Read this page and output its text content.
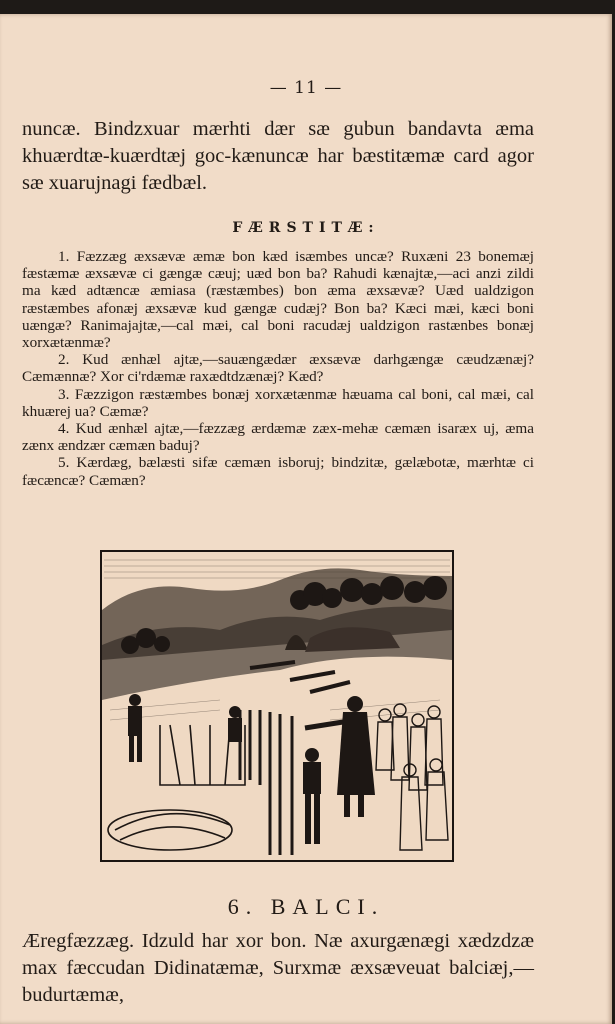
— 11 —
nuncæ. Bindzxuar mærhti dær sæ gubun bandavta æma khuærdtæ-kuærdtæj goc-kænuncæ har bæstitæmæ card agor sæ xuarujnagi fædbæl.
FÆRSTITÆ:

1. Fæzzæg æxsævæ æmæ bon kæd isæmbes uncæ? Ruxæni 23 bonemæj fæstæmæ æxsævæ ci gængæ cæuj; uæd bon ba? Rahudi kænajtæ,—aci anzi zildi ma kæd adtæncæ æmiasa (ræstæmbes) bon æma æxsævæ? Uæd ualdzigon ræstæmbes afonæj æxsævæ kud gængæ cudæj? Bon ba? Kæci mæi, kæci boni uængæ? Ranimajajtæ,—cal mæi, cal boni racudæj ualdzigon rastænbes bonæj xorxætænmæ?

2. Kud ænhæl ajtæ,—sauængædær æxsævæ darhgængæ cæudzænæj? Cæmænnæ? Xor ci'rdæmæ raxædtdzænæj? Kæd?

3. Fæzzigon ræstæmbes bonæj xorxætænmæ hæuama cal boni, cal mæi, cal khuærej ua? Cæmæ?

4. Kud ænhæl ajtæ,—fæzzæg ærdæmæ zæx-mehæ cæmæn isaræx uj, æma zænx ændzær cæmæn baduj?

5. Kærdæg, bælæsti sifæ cæmæn isboruj; bindzitæ, gælæbotæ, mærhtæ ci fæcæncæ? Cæmæn?

6. BALCI.
Æregfæzzæg. Idzuld har xor bon. Næ axurgænægi xædzdzæ max fæccudan Didinatæmæ, Surxmæ æxsæveuat balciæj,— budurtæmæ,
